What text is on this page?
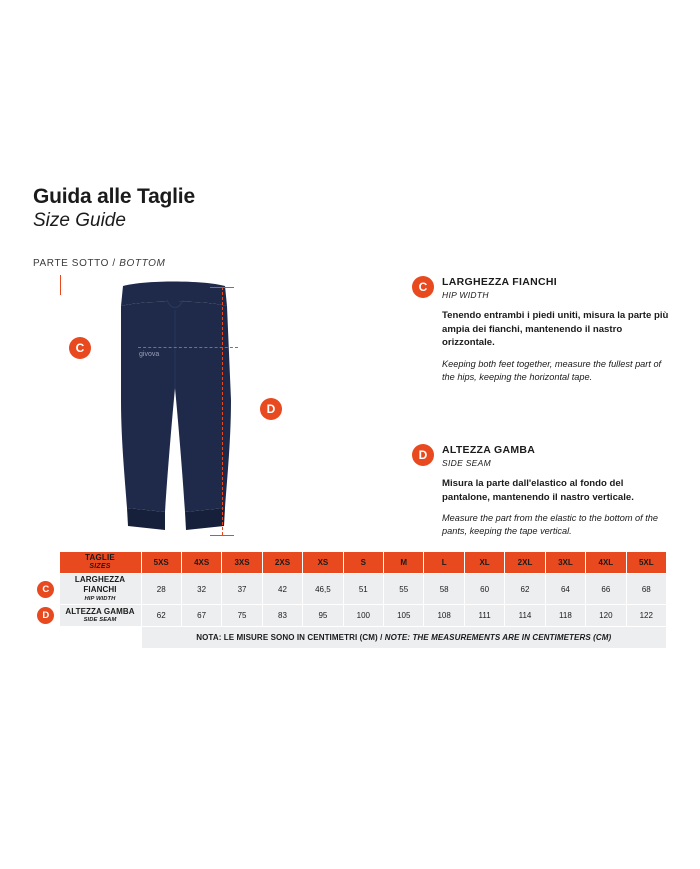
Guida alle Taglie
Size Guide
PARTE SOTTO / BOTTOM
givova
C
D
C	LARGHEZZA FIANCHI
HIP WIDTH
Tenendo entrambi i piedi uniti, misura la parte più ampia dei fianchi, mantenendo il nastro orizzontale.
Keeping both feet together, measure the fullest part of the hips, keeping the horizontal tape.
D	ALTEZZA GAMBA
SIDE SEAM
Misura la parte dall'elastico al fondo del pantalone, mantenendo il nastro verticale.
Measure the part from the elastic to the bottom of the pants, keeping the tape vertical.

	TAGLIE
SIZES	5XS	4XS	3XS	2XS	XS	S	M	L	XL	2XL	3XL	4XL	5XL
C	LARGHEZZA FIANCHI
HIP WIDTH	28	32	37	42	46,5	51	55	58	60	62	64	66	68
D	ALTEZZA GAMBA
SIDE SEAM	62	67	75	83	95	100	105	108	111	114	118	120	122
		NOTA: LE MISURE SONO IN CENTIMETRI (CM) / NOTE: THE MEASUREMENTS ARE IN CENTIMETERS (CM)												
